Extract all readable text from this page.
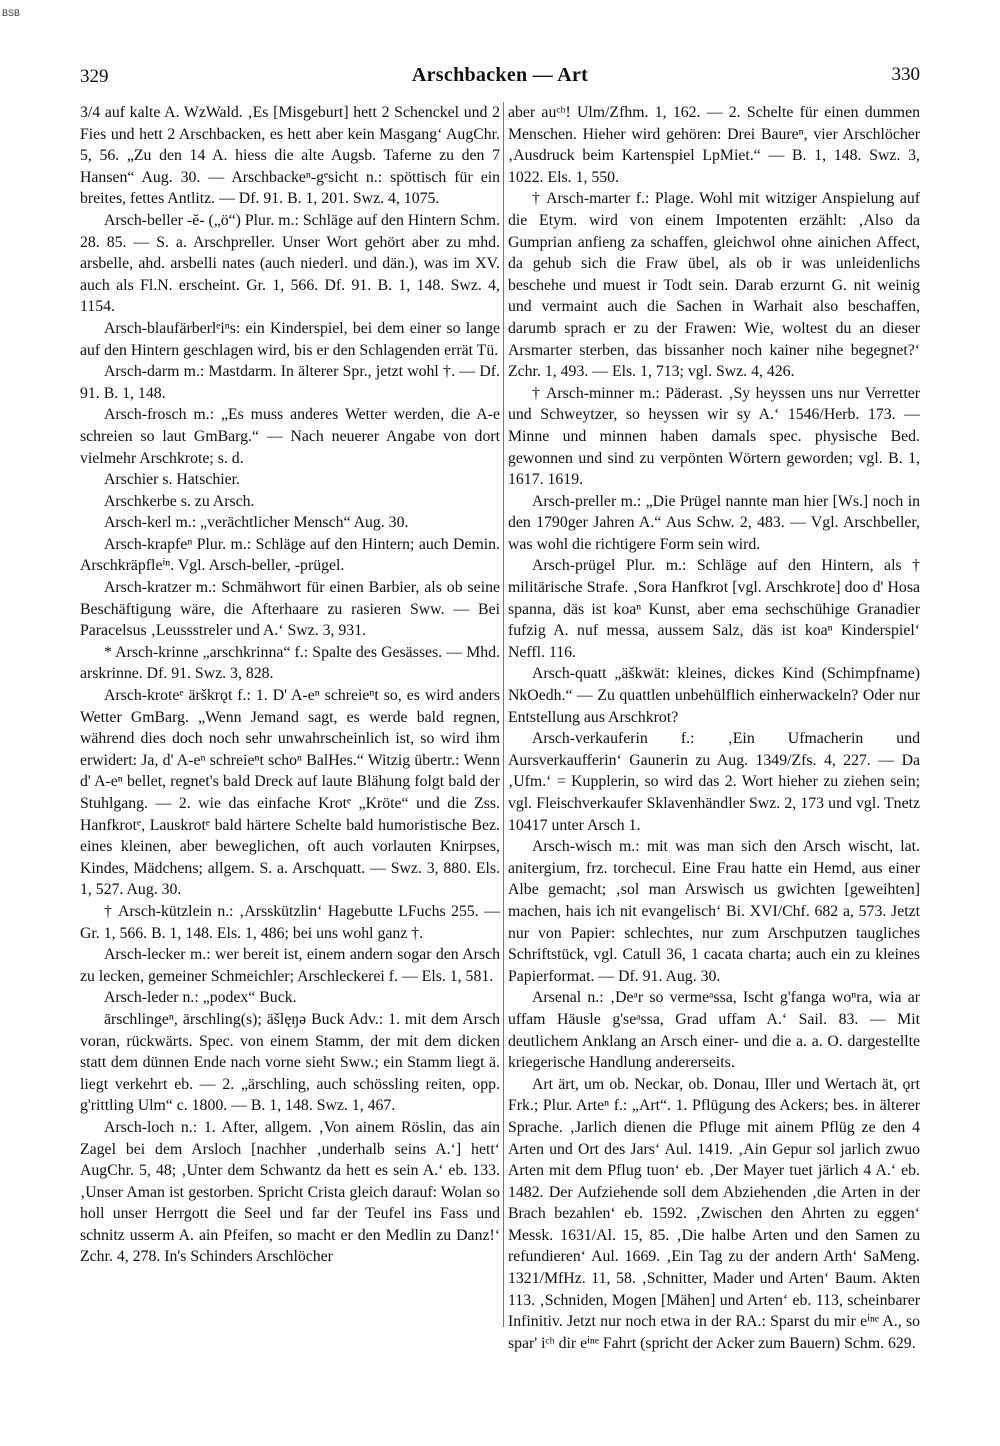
BSB
329	Arschbacken — Art	330

3/4 auf kalte A. WzWald. ‚Es [Misgeburt] hett 2 Schenckel und 2 Fies und hett 2 Arschbacken, es hett aber kein Masgang‘ AugChr. 5, 56. „Zu den 14 A. hiess die alte Augsb. Taferne zu den 7 Hansen“ Aug. 30. — Arschbackeⁿ-gᵉsicht n.: spöttisch für ein breites, fettes Antlitz. — Df. 91. B. 1, 201. Swz. 4, 1075.

Arsch-beller -ĕ- („ö“) Plur. m.: Schläge auf den Hintern Schm. 28. 85. — S. a. Arschpreller. Unser Wort gehört aber zu mhd. arsbelle, ahd. arsbelli nates (auch niederl. und dän.), was im XV. auch als Fl.N. erscheint. Gr. 1, 566. Df. 91. B. 1, 148. Swz. 4, 1154.

Arsch-blaufärberlᵉiⁿs: ein Kinderspiel, bei dem einer so lange auf den Hintern geschlagen wird, bis er den Schlagenden errät Tü.

Arsch-darm m.: Mastdarm. In älterer Spr., jetzt wohl †. — Df. 91. B. 1, 148.

Arsch-frosch m.: „Es muss anderes Wetter werden, die A-e schreien so laut GmBarg.“ — Nach neuerer Angabe von dort vielmehr Arschkrote; s. d.

Arschier s. Hatschier.

Arschkerbe s. zu Arsch.

Arsch-kerl m.: „verächtlicher Mensch“ Aug. 30.

Arsch-krapfeⁿ Plur. m.: Schläge auf den Hintern; auch Demin. Arschkräpfleⁱⁿ. Vgl. Arsch-beller, -prügel.

Arsch-kratzer m.: Schmähwort für einen Barbier, als ob seine Beschäftigung wäre, die Afterhaare zu rasieren Sww. — Bei Paracelsus ‚Leussstreler und A.‘ Swz. 3, 931.

* Arsch-krinne „arschkrinna“ f.: Spalte des Gesässes. — Mhd. arskrinne. Df. 91. Swz. 3, 828.

Arsch-kroteᵉ ärškrǫt f.: 1. D' A-eⁿ schreieⁿt so, es wird anders Wetter GmBarg. „Wenn Jemand sagt, es werde bald regnen, während dies doch noch sehr unwahrscheinlich ist, so wird ihm erwidert: Ja, d' A-eⁿ schreieⁿt schoⁿ BalHes.“ Witzig übertr.: Wenn d' A-eⁿ bellet, regnet's bald Dreck auf laute Blähung folgt bald der Stuhlgang. — 2. wie das einfache Krotᵉ „Kröte“ und die Zss. Hanfkrotᵉ, Lauskrotᵉ bald härtere Schelte bald humoristische Bez. eines kleinen, aber beweglichen, oft auch vorlauten Knirpses, Kindes, Mädchens; allgem. S. a. Arschquatt. — Swz. 3, 880. Els. 1, 527. Aug. 30.

† Arsch-kützlein n.: ‚Arsskützlin‘ Hagebutte LFuchs 255. — Gr. 1, 566. B. 1, 148. Els. 1, 486; bei uns wohl ganz †.

Arsch-lecker m.: wer bereit ist, einem andern sogar den Arsch zu lecken, gemeiner Schmeichler; Arschleckerei f. — Els. 1, 581.

Arsch-leder n.: „podex“ Buck.

ärschlingeⁿ, ärschling(s); äšlęŋə Buck Adv.: 1. mit dem Arsch voran, rückwärts. Spec. von einem Stamm, der mit dem dicken statt dem dünnen Ende nach vorne sieht Sww.; ein Stamm liegt ä. liegt verkehrt eb. — 2. „ärschling, auch schössling reiten, opp. g'rittling Ulm“ c. 1800. — B. 1, 148. Swz. 1, 467.

Arsch-loch n.: 1. After, allgem. ‚Von ainem Röslin, das ain Zagel bei dem Arsloch [nachher ‚underhalb seins A.‘] hett‘ AugChr. 5, 48; ‚Unter dem Schwantz da hett es sein A.‘ eb. 133. ‚Unser Aman ist gestorben. Spricht Crista gleich darauf: Wolan so holl unser Herrgott die Seel und far der Teufel ins Fass und schnitz usserm A. ain Pfeifen, so macht er den Medlin zu Danz!‘ Zchr. 4, 278. In's Schinders Arschlöcher

aber auᶜʰ! Ulm/Zfhm. 1, 162. — 2. Schelte für einen dummen Menschen. Hieher wird gehören: Drei Baureⁿ, vier Arschlöcher ‚Ausdruck beim Kartenspiel LpMiet.“ — B. 1, 148. Swz. 3, 1022. Els. 1, 550.

† Arsch-marter f.: Plage. Wohl mit witziger Anspielung auf die Etym. wird von einem Impotenten erzählt: ‚Also da Gumprian anfieng za schaffen, gleichwol ohne ainichen Affect, da gehub sich die Fraw übel, als ob ir was unleidenlichs beschehe und muest ir Todt sein. Darab erzurnt G. nit weinig und vermaint auch die Sachen in Warhait also beschaffen, darumb sprach er zu der Frawen: Wie, woltest du an dieser Arsmarter sterben, das bissanher noch kainer nihe begegnet?‘ Zchr. 1, 493. — Els. 1, 713; vgl. Swz. 4, 426.

† Arsch-minner m.: Päderast. ‚Sy heyssen uns nur Verretter und Schweytzer, so heyssen wir sy A.‘ 1546/Herb. 173. — Minne und minnen haben damals spec. physische Bed. gewonnen und sind zu verpönten Wörtern geworden; vgl. B. 1, 1617. 1619.

Arsch-preller m.: „Die Prügel nannte man hier [Ws.] noch in den 1790ger Jahren A.“ Aus Schw. 2, 483. — Vgl. Arschbeller, was wohl die richtigere Form sein wird.

Arsch-prügel Plur. m.: Schläge auf den Hintern, als † militärische Strafe. ‚Sora Hanfkrot [vgl. Arschkrote] doo d' Hosa spanna, däs ist koaⁿ Kunst, aber ema sechschühige Granadier fufzig A. nuf messa, aussem Salz, däs ist koaⁿ Kinderspiel‘ Neffl. 116.

Arsch-quatt „äškwät: kleines, dickes Kind (Schimpfname) NkOedh.“ — Zu quattlen unbehülflich einherwackeln? Oder nur Entstellung aus Arschkrot?

Arsch-verkauferin f.: ‚Ein Ufmacherin und Aursverkaufferin‘ Gaunerin zu Aug. 1349/Zfs. 4, 227. — Da ‚Ufm.‘ = Kupplerin, so wird das 2. Wort hieher zu ziehen sein; vgl. Fleischverkaufer Sklavenhändler Swz. 2, 173 und vgl. Tnetz 10417 unter Arsch 1.

Arsch-wisch m.: mit was man sich den Arsch wischt, lat. anitergium, frz. torchecul. Eine Frau hatte ein Hemd, aus einer Albe gemacht; ‚sol man Arswisch us gwichten [geweihten] machen, hais ich nit evangelisch‘ Bi. XVI/Chf. 682 a, 573. Jetzt nur von Papier: schlechtes, nur zum Arschputzen taugliches Schriftstück, vgl. Catull 36, 1 cacata charta; auch ein zu kleines Papierformat. — Df. 91. Aug. 30.

Arsenal n.: ‚Deᵃr so vermeᵃssa, Ischt g'fanga woⁿra, wia ar uffam Häusle g'seᵃssa, Grad uffam A.‘ Sail. 83. — Mit deutlichem Anklang an Arsch einer- und die a. a. O. dargestellte kriegerische Handlung andererseits.

Art ärt, um ob. Neckar, ob. Donau, Iller und Wertach ät, ǫrt Frk.; Plur. Arteⁿ f.: „Art“. 1. Pflügung des Ackers; bes. in älterer Sprache. ‚Jarlich dienen die Pfluge mit ainem Pflüg ze den 4 Arten und Ort des Jars‘ Aul. 1419. ‚Ain Gepur sol jarlich zwuo Arten mit dem Pflug tuon‘ eb. ‚Der Mayer tuet järlich 4 A.‘ eb. 1482. Der Aufziehende soll dem Abziehenden ‚die Arten in der Brach bezahlen‘ eb. 1592. ‚Zwischen den Ahrten zu eggen‘ Messk. 1631/Al. 15, 85. ‚Die halbe Arten und den Samen zu refundieren‘ Aul. 1669. ‚Ein Tag zu der andern Arth‘ SaMeng. 1321/MfHz. 11, 58. ‚Schnitter, Mader und Arten‘ Baum. Akten 113. ‚Schniden, Mogen [Mähen] und Arten‘ eb. 113, scheinbarer Infinitiv. Jetzt nur noch etwa in der RA.: Sparst du mir eⁱⁿᵉ A., so spar' iᶜʰ dir eⁱⁿᵉ Fahrt (spricht der Acker zum Bauern) Schm. 629.
